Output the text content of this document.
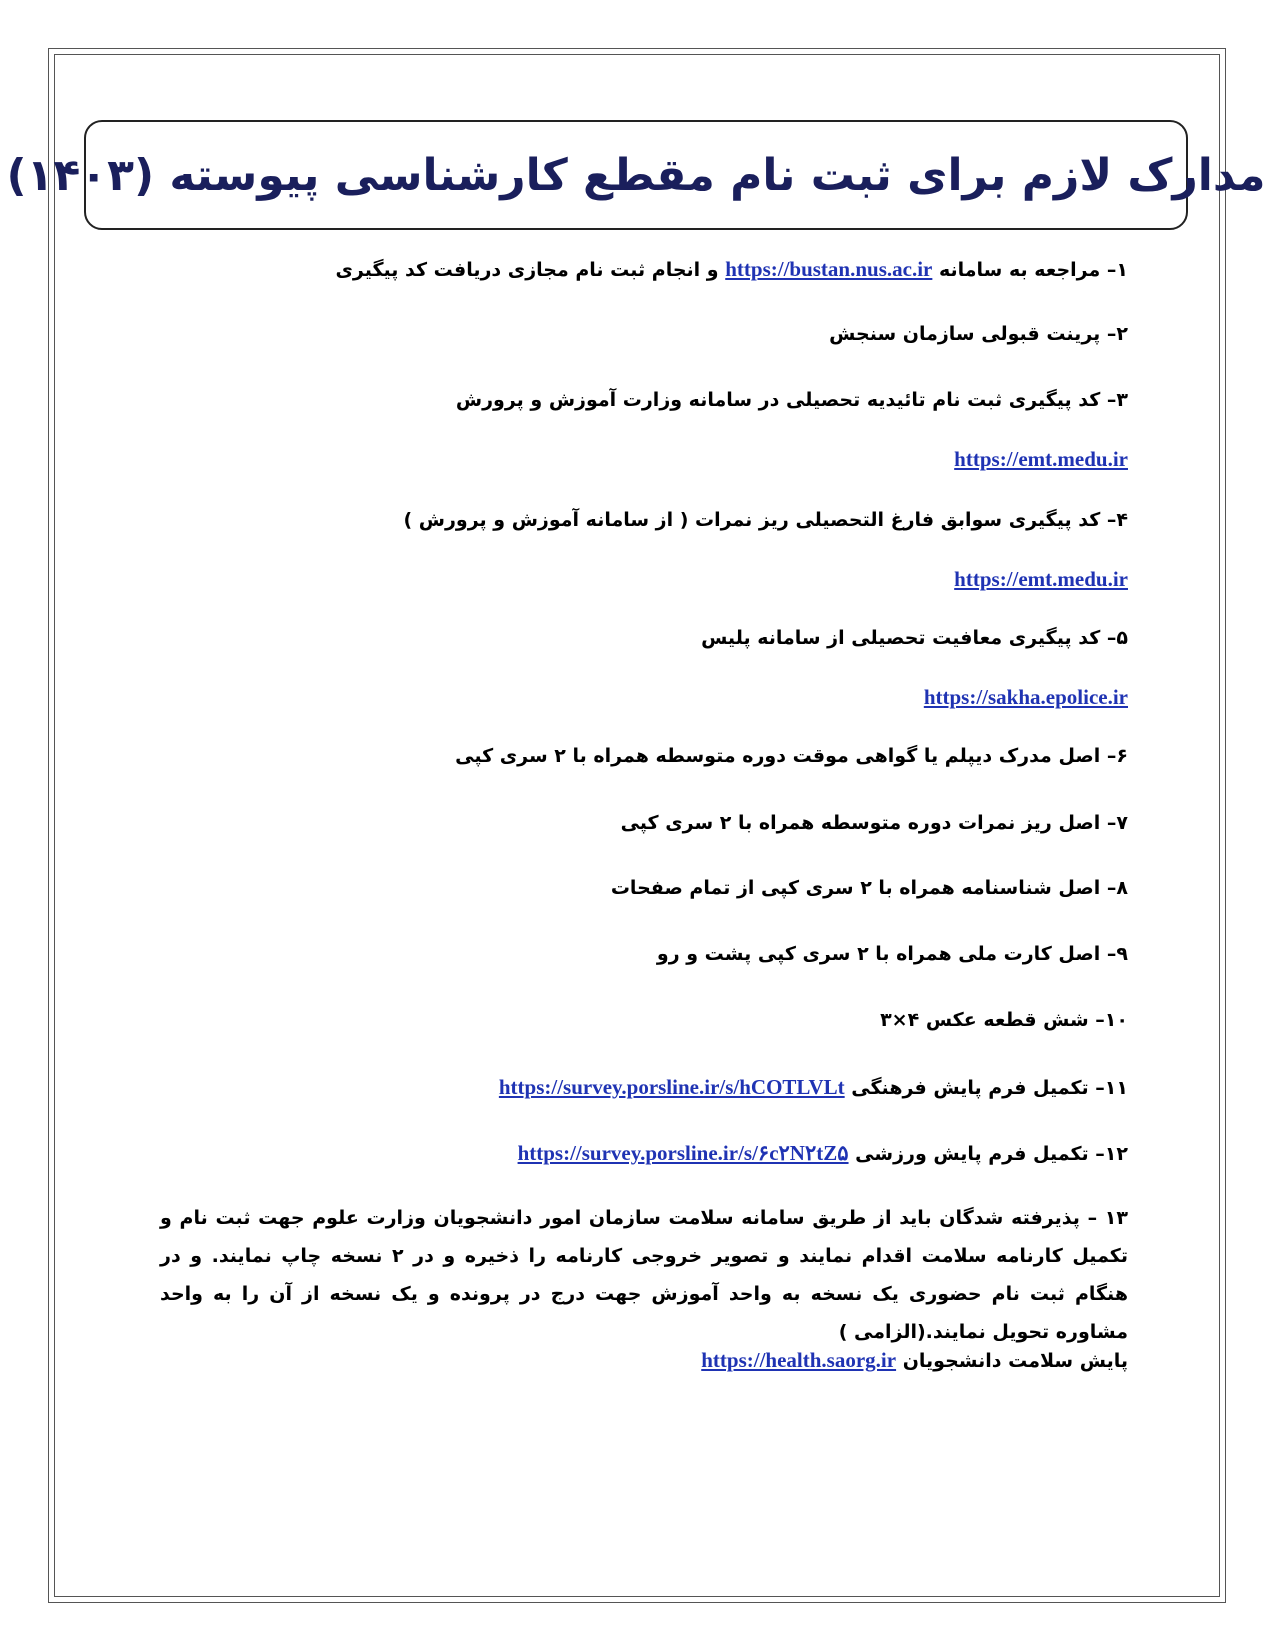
مدارک لازم برای ثبت نام مقطع کارشناسی پیوسته (۱۴۰۳)
۱– مراجعه به سامانه https://bustan.nus.ac.ir و انجام ثبت نام مجازی دریافت کد پیگیری
۲– پرینت قبولی سازمان سنجش
۳– کد پیگیری ثبت نام تائیدیه تحصیلی در سامانه وزارت آموزش و پرورش
https://emt.medu.ir
۴– کد پیگیری سوابق فارغ التحصیلی ریز نمرات ( از سامانه آموزش و پرورش )
https://emt.medu.ir
۵– کد پیگیری معافیت تحصیلی از سامانه پلیس
https://sakha.epolice.ir
۶– اصل مدرک دیپلم یا گواهی موقت دوره متوسطه همراه با ۲ سری کپی
۷– اصل ریز نمرات دوره متوسطه همراه با ۲ سری کپی
۸– اصل شناسنامه همراه با ۲ سری کپی از تمام صفحات
۹– اصل کارت ملی همراه با ۲ سری کپی پشت و رو
۱۰– شش قطعه عکس ۴×۳
۱۱– تکمیل فرم پایش فرهنگی https://survey.porsline.ir/s/hCOTLVLt
۱۲– تکمیل فرم پایش ورزشی https://survey.porsline.ir/s/۶c۲N۲tZ۵
۱۳ – پذیرفته شدگان باید از طریق سامانه سلامت سازمان امور دانشجویان وزارت علوم جهت ثبت نام و تکمیل کارنامه سلامت اقدام نمایند و تصویر خروجی کارنامه را ذخیره و در ۲ نسخه چاپ نمایند. و در هنگام ثبت نام حضوری یک نسخه به واحد آموزش جهت درج در پرونده و یک نسخه از آن را به واحد مشاوره تحویل نمایند.(الزامی )
پایش سلامت دانشجویان https://health.saorg.ir
